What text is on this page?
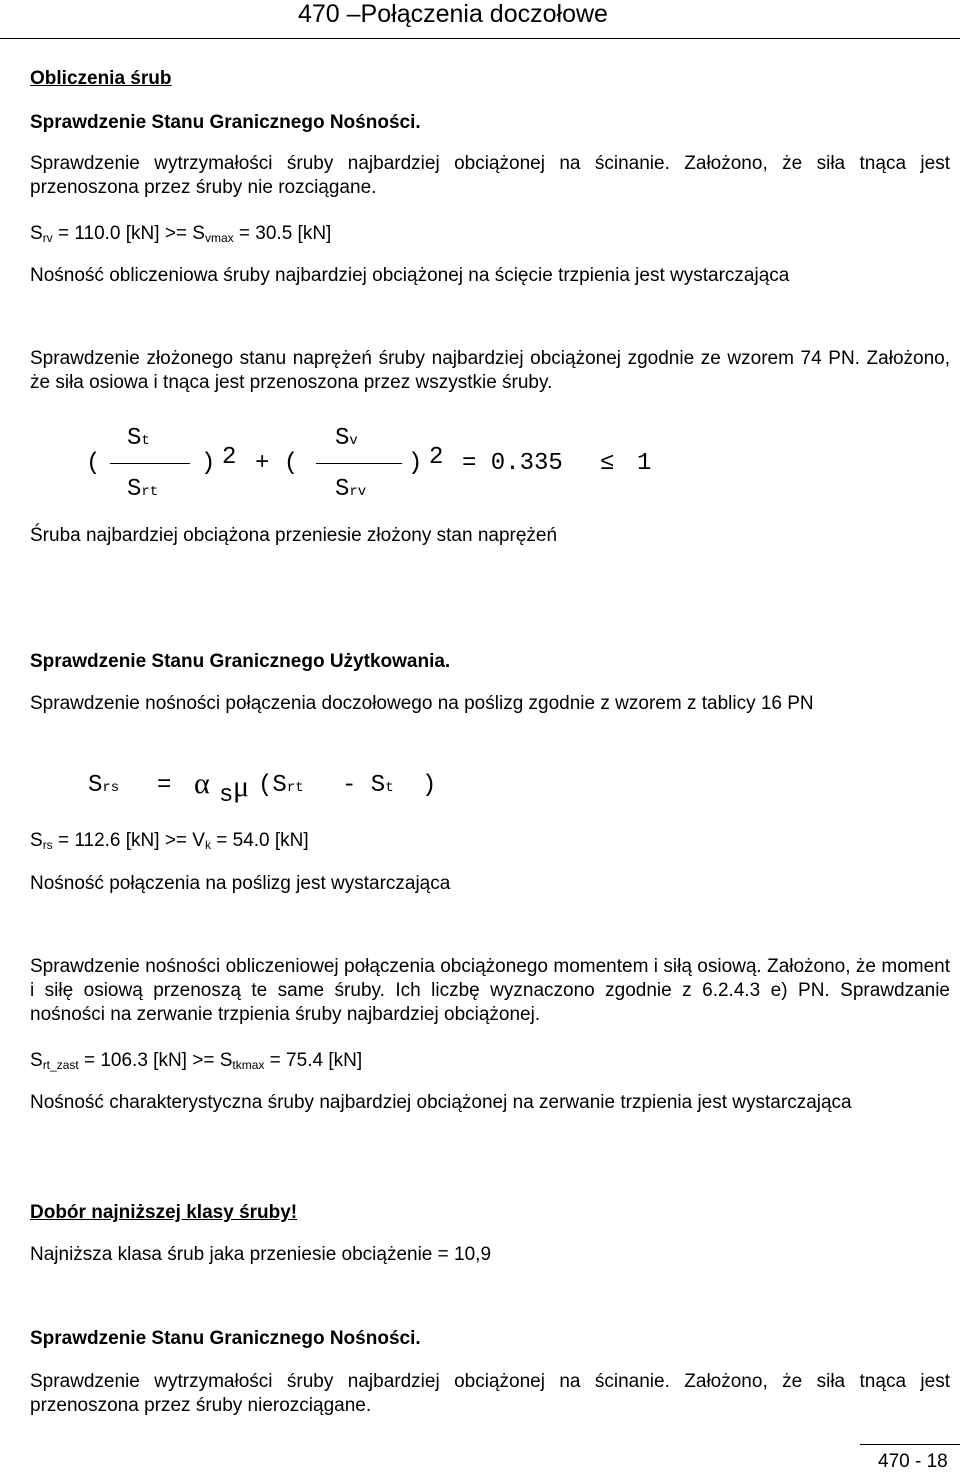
470 –Połączenia doczołowe
Obliczenia śrub
Sprawdzenie Stanu Granicznego Nośności.
Sprawdzenie wytrzymałości śruby najbardziej obciążonej na ścinanie. Założono, że siła tnąca jest przenoszona przez śruby nie rozciągane.
$S_{rv} = 110.0$ $[kN] >= S_{vmax} = 30.5$ [kN]
Nośność obliczeniowa śruby najbardziej obciążonej na ścięcie trzpienia jest wystarczająca
Sprawdzenie złożonego stanu naprężeń śruby najbardziej obciążonej zgodnie ze wzorem 74 PN. Założono, że siła osiowa i tnąca jest przenoszona przez wszystkie śruby.
(
St
Srt
) 2 + (
Sv
Srv
) 2 = 0.335 ≤ 1
Śruba najbardziej obciążona przeniesie złożony stan naprężeń
Sprawdzenie Stanu Granicznego Użytkowania.
Sprawdzenie nośności połączenia doczołowego na poślizg zgodnie z wzorem z tablicy 16 PN
Srs = α s μ (Srt - St )
$S_{rs} = 112.6$ $[kN] >= V_k = 54.0$ [kN]
Nośność połączenia na poślizg jest wystarczająca
Sprawdzenie nośności obliczeniowej połączenia obciążonego momentem i siłą osiową. Założono, że moment i siłę osiową przenoszą te same śruby. Ich liczbę wyznaczono zgodnie z 6.2.4.3 e) PN. Sprawdzanie nośności na zerwanie trzpienia śruby najbardziej obciążonej.
$S_{rt\_zast} = 106.3$ $[kN] >= S_{tkmax} = 75.4$ [kN]
Nośność charakterystyczna śruby najbardziej obciążonej na zerwanie trzpienia jest wystarczająca
Dobór najniższej klasy śruby!
Najniższa klasa śrub jaka przeniesie obciążenie = 10,9
Sprawdzenie Stanu Granicznego Nośności.
Sprawdzenie wytrzymałości śruby najbardziej obciążonej na ścinanie. Założono, że siła tnąca jest przenoszona przez śruby nierozciągane.
470 - 18
